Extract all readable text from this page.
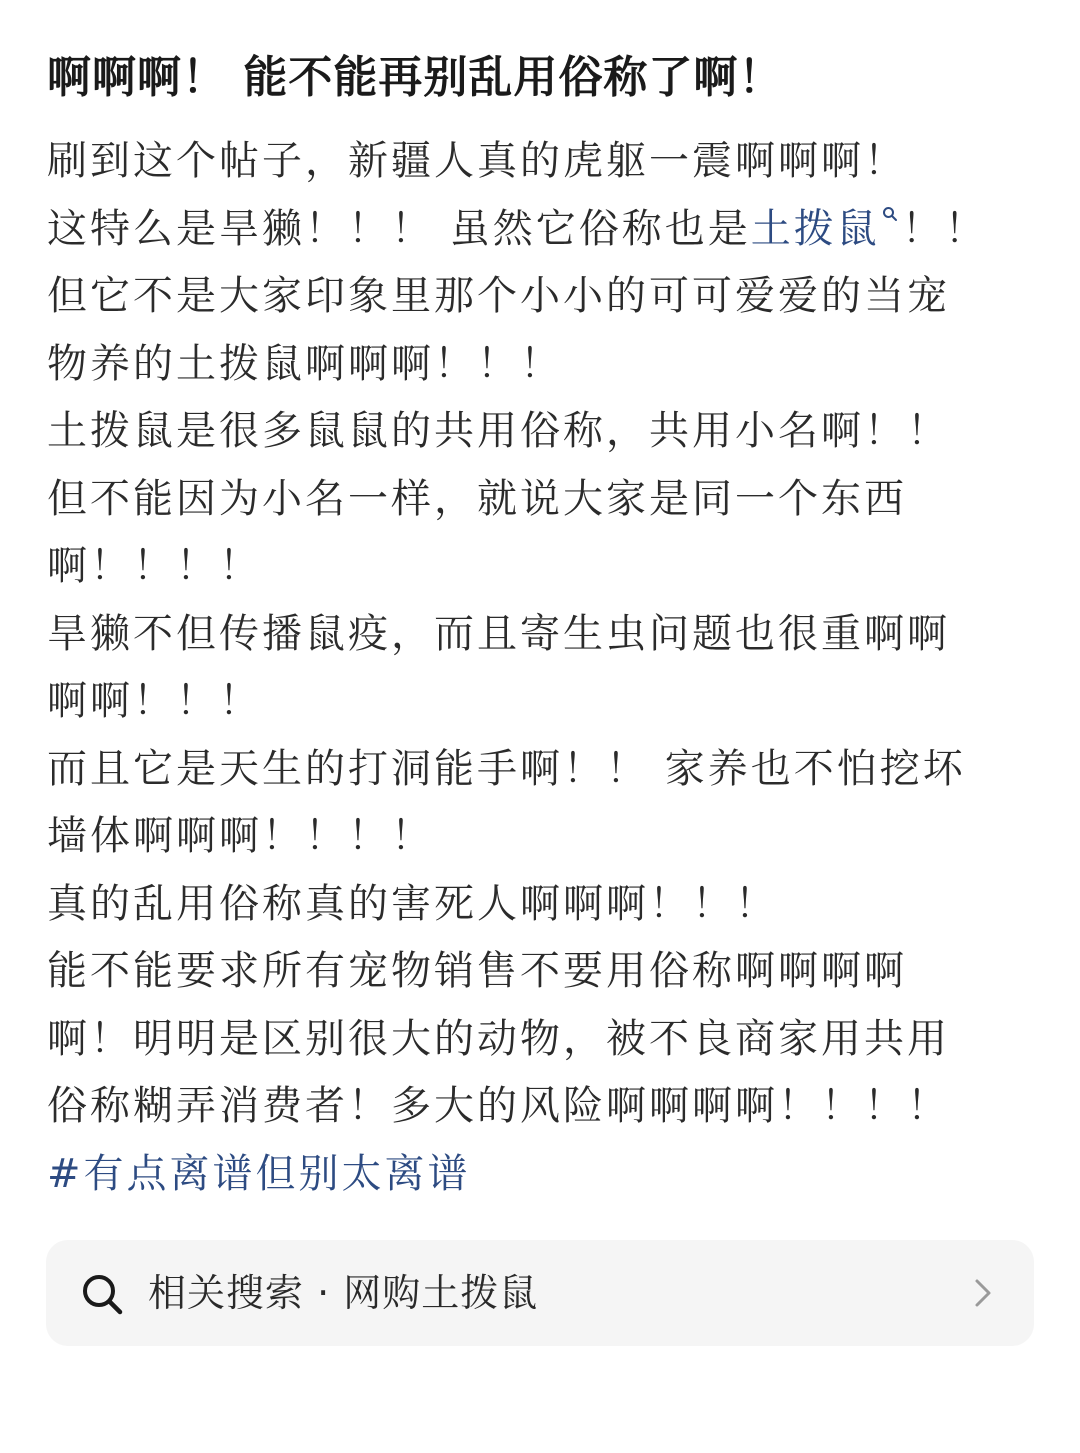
啊啊啊！ 能不能再别乱用俗称了啊！
刷到这个帖子，新疆人真的虎躯一震啊啊啊！
这特么是旱獭！！！ 虽然它俗称也是土拨鼠 ！！
但它不是大家印象里那个小小的可可爱爱的当宠
物养的土拨鼠啊啊啊！！！
土拨鼠是很多鼠鼠的共用俗称，共用小名啊！！
但不能因为小名一样，就说大家是同一个东西
啊！！！！
旱獭不但传播鼠疫，而且寄生虫问题也很重啊啊
啊啊！！！
而且它是天生的打洞能手啊！！ 家养也不怕挖坏
墙体啊啊啊！！！！
真的乱用俗称真的害死人啊啊啊！！！
能不能要求所有宠物销售不要用俗称啊啊啊啊
啊！明明是区别很大的动物，被不良商家用共用
俗称糊弄消费者！多大的风险啊啊啊啊！！！！
#有点离谱但别太离谱
相关搜索 · 网购土拨鼠
